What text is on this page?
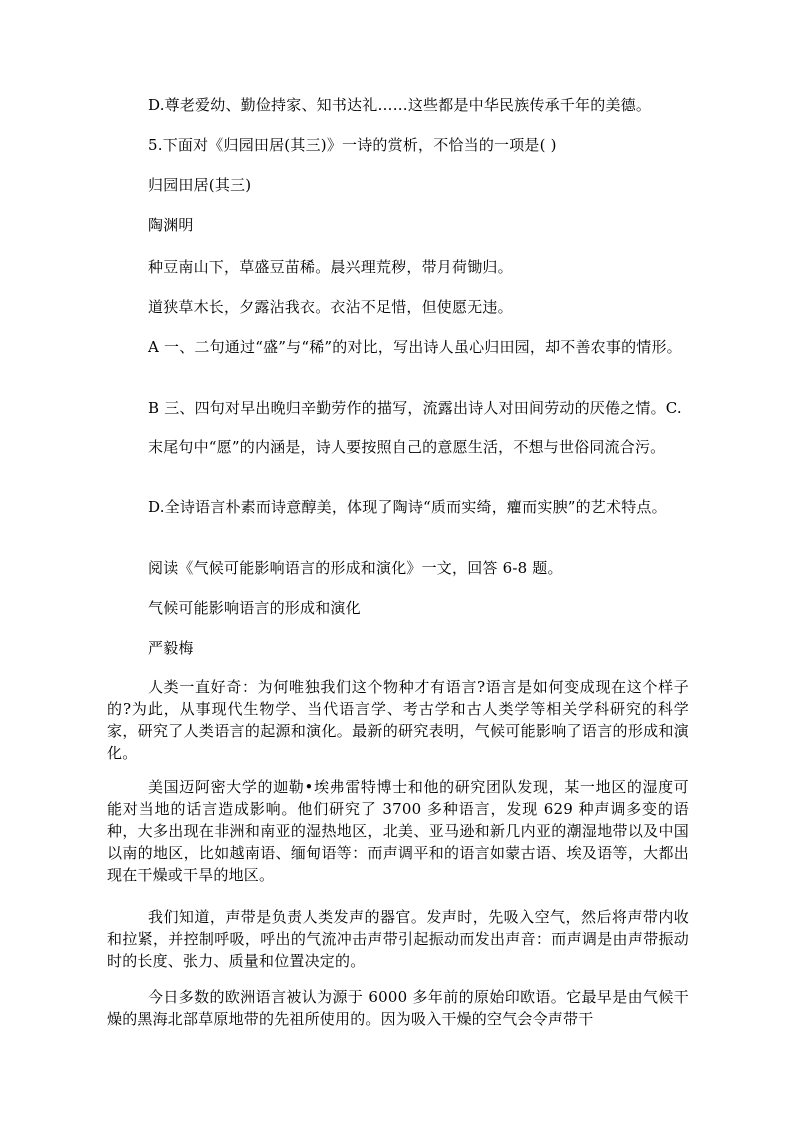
D.尊老爱幼、勤俭持家、知书达礼……这些都是中华民族传承千年的美德。

5.下面对《归园田居(其三)》一诗的赏析，不恰当的一项是( )

归园田居(其三)

陶渊明

种豆南山下，草盛豆苗稀。晨兴理荒秽，带月荷锄归。

道狭草木长，夕露沾我衣。衣沾不足惜，但使愿无违。

A 一、二句通过“盛”与“稀”的对比，写出诗人虽心归田园，却不善农事的情形。

B 三、四句对早出晚归辛勤劳作的描写，流露出诗人对田间劳动的厌倦之情。C.

末尾句中“愿”的内涵是，诗人要按照自己的意愿生活，不想与世俗同流合污。

D.全诗语言朴素而诗意醇美，体现了陶诗“质而实绮，癯而实腴”的艺术特点。

阅读《气候可能影响语言的形成和演化》一文，回答 6-8 题。

气候可能影响语言的形成和演化

严毅梅

人类一直好奇：为何唯独我们这个物种才有语言?语言是如何变成现在这个样子的?为此，从事现代生物学、当代语言学、考古学和古人类学等相关学科研究的科学家，研究了人类语言的起源和演化。最新的研究表明，气候可能影响了语言的形成和演化。

美国迈阿密大学的迦勒•埃弗雷特博士和他的研究团队发现，某一地区的湿度可能对当地的话言造成影响。他们研究了 3700 多种语言，发现 629 种声调多变的语种，大多出现在非洲和南亚的湿热地区，北美、亚马逊和新几内亚的潮湿地带以及中国以南的地区，比如越南语、缅甸语等：而声调平和的语言如蒙古语、埃及语等，大都出现在干燥或干旱的地区。

我们知道，声带是负责人类发声的器官。发声时，先吸入空气，然后将声带内收和拉紧，并控制呼吸，呼出的气流冲击声带引起振动而发出声音：而声调是由声带振动时的长度、张力、质量和位置决定的。

今日多数的欧洲语言被认为源于 6000 多年前的原始印欧语。它最早是由气候干燥的黑海北部草原地带的先祖所使用的。因为吸入干燥的空气会令声带干
